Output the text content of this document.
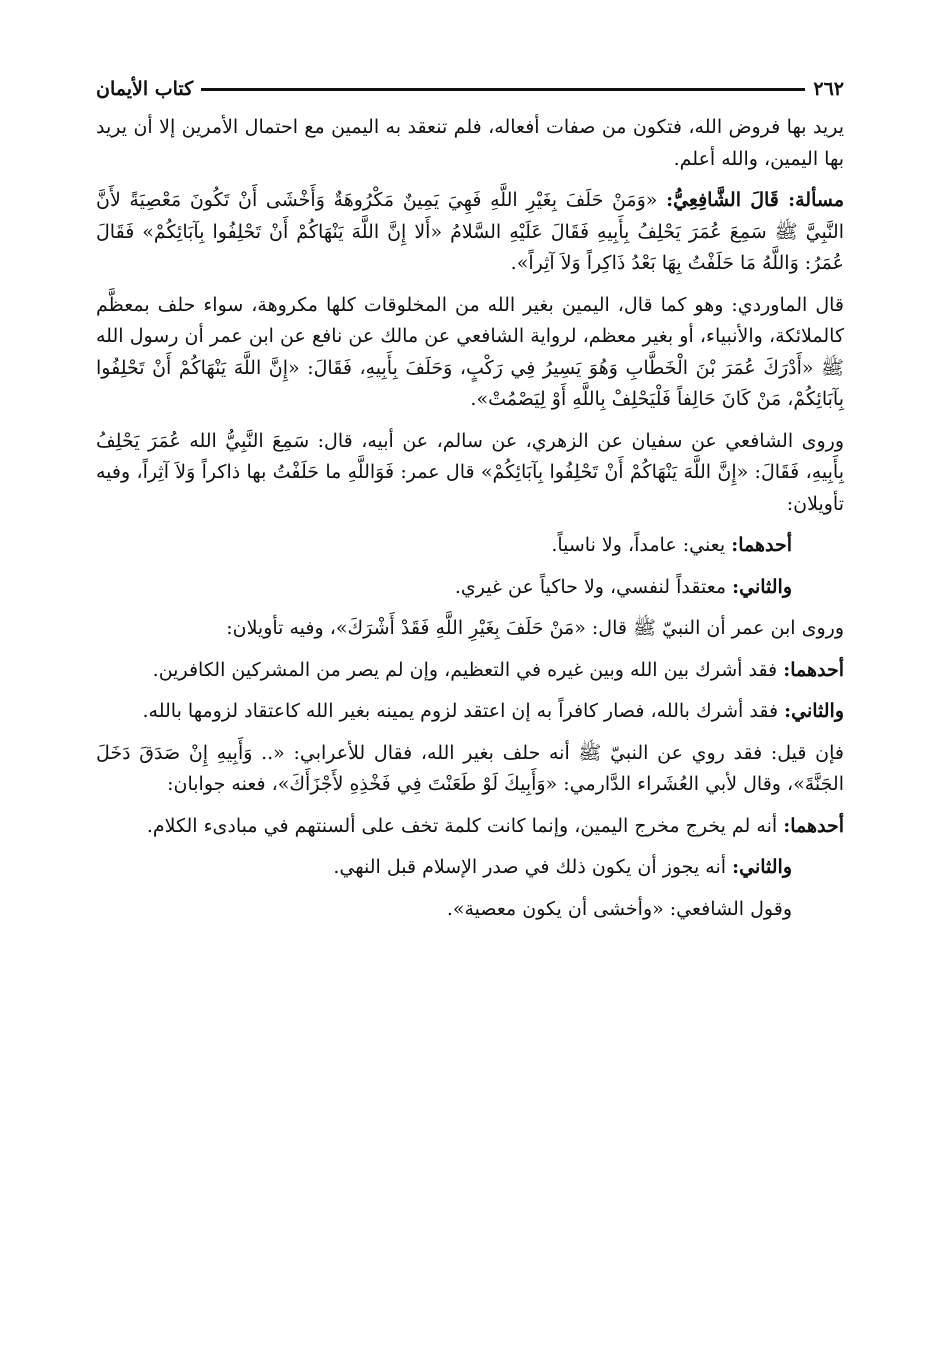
٢٦٢
كتاب الأيمان

يريد بها فروض الله، فتكون من صفات أفعاله، فلم تنعقد به اليمين مع احتمال الأمرين إلا أن يريد بها اليمين، والله أعلم.

مسألة: قَالَ الشَّافِعِيُّ: «وَمَنْ حَلَفَ بِغَيْرِ اللَّهِ فَهِيَ يَمِينٌ مَكْرُوهَةٌ وَأَخْشَى أَنْ تَكُونَ مَعْصِيَةً لأَنَّ النَّبِيَّ ﷺ سَمِعَ عُمَرَ يَحْلِفُ بِأَبِيهِ فَقَالَ عَلَيْهِ السَّلامُ «أَلا إِنَّ اللَّهَ يَنْهَاكُمْ أَنْ تَحْلِفُوا بِآبَائِكُمْ» فَقَالَ عُمَرُ: وَاللَّهُ مَا حَلَفْتُ بِهَا بَعْدُ ذَاكِراً وَلاَ آثِراً».

قال الماوردي: وهو كما قال، اليمين بغير الله من المخلوقات كلها مكروهة، سواء حلف بمعظَّم كالملائكة، والأنبياء، أو بغير معظم، لرواية الشافعي عن مالك عن نافع عن ابن عمر أن رسول الله ﷺ «أَدْرَكَ عُمَرَ بْنَ الْخَطَّابِ وَهُوَ يَسِيرُ فِي رَكْبٍ، وَحَلَفَ بِأَبِيهِ، فَقَالَ: «إِنَّ اللَّهَ يَنْهَاكُمْ أَنْ تَحْلِفُوا بِآبَائِكُمْ، مَنْ كَانَ حَالِفاً فَلْيَحْلِفْ بِاللَّهِ أَوْ لِيَصْمُتْ».

وروى الشافعي عن سفيان عن الزهري، عن سالم، عن أبيه، قال: سَمِعَ النَّبِيُّ الله عُمَرَ يَحْلِفُ بِأَبِيهِ، فَقَالَ: «إِنَّ اللَّهَ يَنْهَاكُمْ أَنْ تَحْلِفُوا بِآبَائِكُمْ» قال عمر: فَوَاللَّهِ ما حَلَفْتُ بها ذاكراً وَلاَ آثِراً، وفيه تأويلان:

أحدهما: يعني: عامداً، ولا ناسياً.

والثاني: معتقداً لنفسي، ولا حاكياً عن غيري.

وروى ابن عمر أن النبيّ ﷺ قال: «مَنْ حَلَفَ بِغَيْرِ اللَّهِ فَقَدْ أَشْرَكَ»، وفيه تأويلان:

أحدهما: فقد أشرك بين الله وبين غيره في التعظيم، وإن لم يصر من المشركين الكافرين.

والثاني: فقد أشرك بالله، فصار كافراً به إن اعتقد لزوم يمينه بغير الله كاعتقاد لزومها بالله.

فإن قيل: فقد روي عن النبيّ ﷺ أنه حلف بغير الله، فقال للأعرابي: «.. وَأَبِيهِ إِنْ صَدَقَ دَخَلَ الجَنَّةَ»، وقال لأبي العُشَراء الدَّارمي: «وَأَبِيكَ لَوْ طَعَنْتَ فِي فَخْذِهِ لأَجْزَأَكَ»، فعنه جوابان:

أحدهما: أنه لم يخرج مخرج اليمين، وإنما كانت كلمة تخف على ألسنتهم في مبادىء الكلام.

والثاني: أنه يجوز أن يكون ذلك في صدر الإسلام قبل النهي.

وقول الشافعي: «وأخشى أن يكون معصية».
